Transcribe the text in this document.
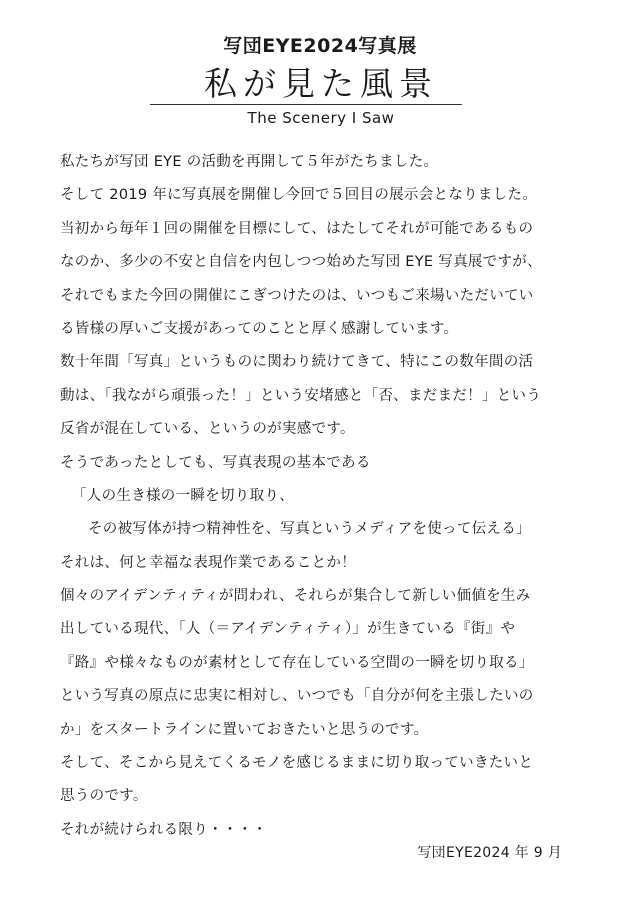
写団EYE2024写真展
私が見た風景
The Scenery I Saw
私たちが写団 EYE の活動を再開して５年がたちました。
そして 2019 年に写真展を開催し今回で５回目の展示会となりました。
当初から毎年１回の開催を目標にして、はたしてそれが可能であるもの
なのか、多少の不安と自信を内包しつつ始めた写団 EYE 写真展ですが、
それでもまた今回の開催にこぎつけたのは、いつもご来場いただいてい
る皆様の厚いご支援があってのことと厚く感謝しています。
数十年間「写真」というものに関わり続けてきて、特にこの数年間の活
動は、「我ながら頑張った！」という安堵感と「否、まだまだ！」という
反省が混在している、というのが実感です。
そうであったとしても、写真表現の基本である
「人の生き様の一瞬を切り取り、
その被写体が持つ精神性を、写真というメディアを使って伝える」
それは、何と幸福な表現作業であることか！
個々のアイデンティティが問われ、それらが集合して新しい価値を生み
出している現代、「人（＝アイデンティティ）」が生きている『街』や
『路』や様々なものが素材として存在している空間の一瞬を切り取る」
という写真の原点に忠実に相対し、いつでも「自分が何を主張したいの
か」をスタートラインに置いておきたいと思うのです。
そして、そこから見えてくるモノを感じるままに切り取っていきたいと
思うのです。
それが続けられる限り・・・・
写団EYE2024 年 9 月
